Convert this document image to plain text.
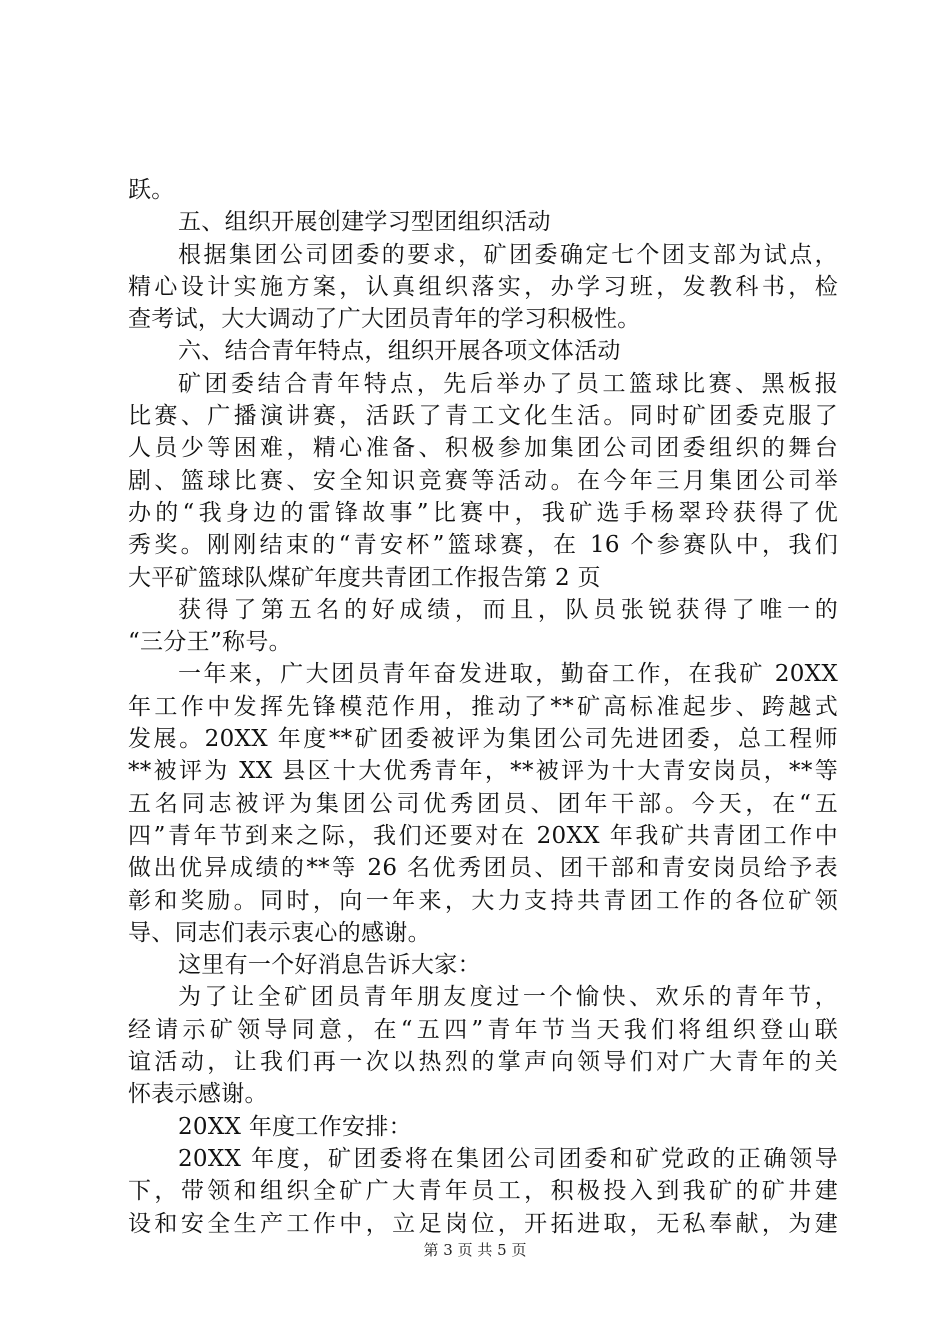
跃。
五、组织开展创建学习型团组织活动
根据集团公司团委的要求，矿团委确定七个团支部为试点，
精心设计实施方案，认真组织落实，办学习班，发教科书，检
查考试，大大调动了广大团员青年的学习积极性。
六、结合青年特点，组织开展各项文体活动
矿团委结合青年特点，先后举办了员工篮球比赛、黑板报
比赛、广播演讲赛，活跃了青工文化生活。同时矿团委克服了
人员少等困难，精心准备、积极参加集团公司团委组织的舞台
剧、篮球比赛、安全知识竞赛等活动。在今年三月集团公司举
办的“我身边的雷锋故事”比赛中，我矿选手杨翠玲获得了优
秀奖。刚刚结束的“青安杯”篮球赛，在 16 个参赛队中，我们
大平矿篮球队煤矿年度共青团工作报告第 2 页
获得了第五名的好成绩，而且，队员张锐获得了唯一的
“三分王”称号。
一年来，广大团员青年奋发进取，勤奋工作，在我矿 20XX
年工作中发挥先锋模范作用，推动了**矿高标准起步、跨越式
发展。20XX 年度**矿团委被评为集团公司先进团委，总工程师
**被评为 XX 县区十大优秀青年，**被评为十大青安岗员，**等
五名同志被评为集团公司优秀团员、团年干部。今天，在“五
四”青年节到来之际，我们还要对在 20XX 年我矿共青团工作中
做出优异成绩的**等 26 名优秀团员、团干部和青安岗员给予表
彰和奖励。同时，向一年来，大力支持共青团工作的各位矿领
导、同志们表示衷心的感谢。
这里有一个好消息告诉大家：
为了让全矿团员青年朋友度过一个愉快、欢乐的青年节，
经请示矿领导同意，在“五四”青年节当天我们将组织登山联
谊活动，让我们再一次以热烈的掌声向领导们对广大青年的关
怀表示感谢。
20XX 年度工作安排：
20XX 年度，矿团委将在集团公司团委和矿党政的正确领导
下，带领和组织全矿广大青年员工，积极投入到我矿的矿井建
设和安全生产工作中，立足岗位，开拓进取，无私奉献，为建
第 3 页 共 5 页
